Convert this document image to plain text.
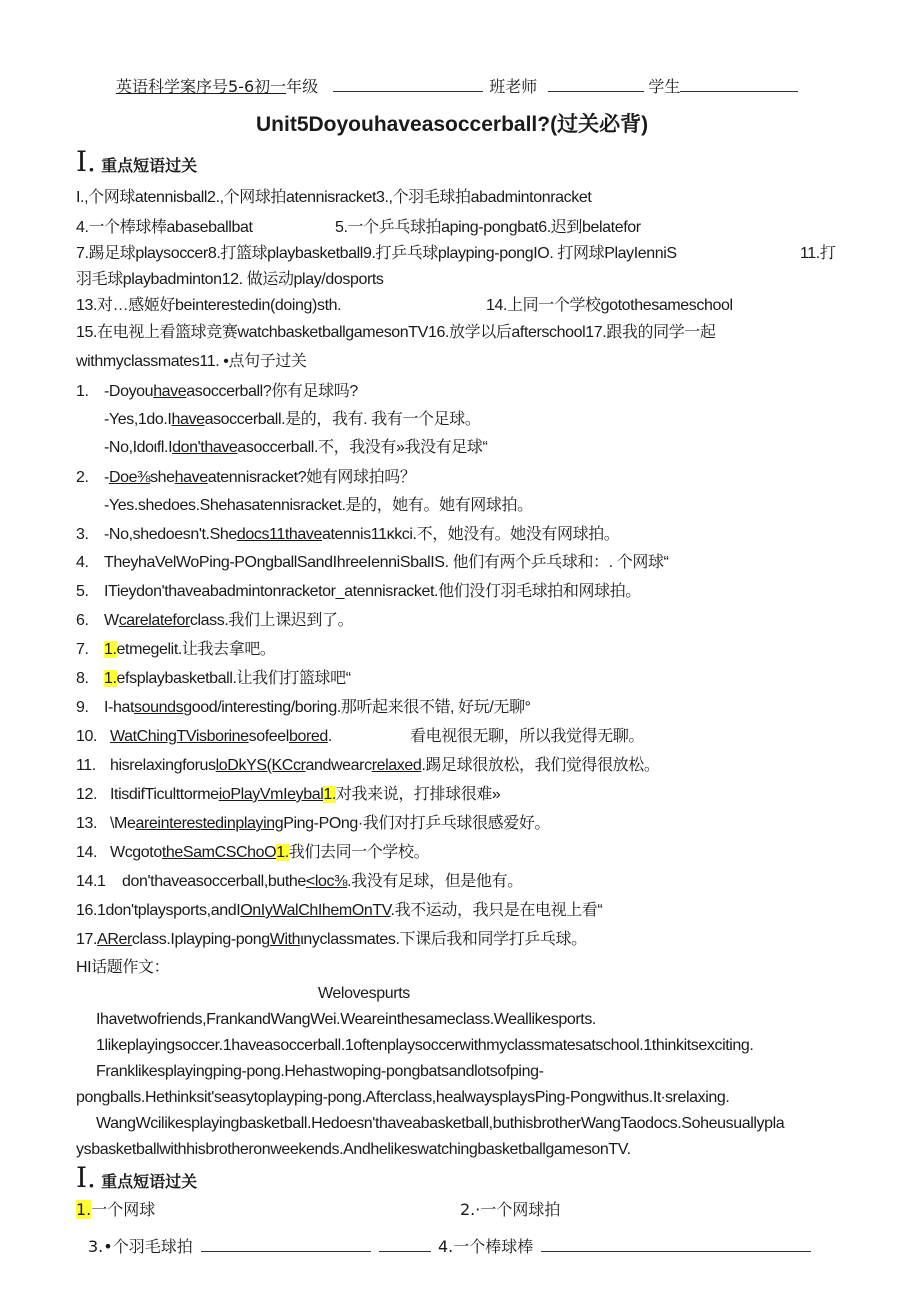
英语科学案序号5-6初一年级	班老师	学生
Unit5Doyouhaveasoccerball?(过关必背)
I. 重点短语过关
I.,个网球atennisball2.,个网球拍atennisracket3.,个羽毛球拍abadmintonracket
4.一个棒球棒abaseballbat	5.一个乒乓球拍aping-pongbat6.迟到belatefor
7.踢足球playsoccer8.打篮球playbasketball9.打乒乓球playping-pongIO. 打网球PlayIenniS	11.打
羽毛球playbadminton12. 做运动play/dosports
13.对…感姬好beinterestedin(doing)sth.	14.上同一个学校gotothesameschool
15.在电视上看篮球竞赛watchbasketballgamesonTV16.放学以后afterschool17.跟我的同学一起
withmyclassmates11. •点句子过关
1. -Doyouhaveasoccerball?你有足球吗?
-Yes,1do.Ihaveasoccerball.是的，我有. 我有一个足球。
-No,Idoιfl.Idon'thaveasoccerball.不，我没有»我没有足球“
2. -Doe⅜shehaveatennisracket?她有网球拍吗？
-Yes.shedoes.Shehasatennisracket.是的，她有。她有网球拍。
3. -No,shedoesn't.Shedocs11thaveatennis11κkci.不，她没有。她没有网球拍。
4. TheyhaVelWoPing-POngballSandIhreeIenniSbalIS. 他们有两个乒乓球和：. 个网球“
5. ITieydon'thaveabadmintonracketor_atennisracket.他们没仃羽毛球拍和网球拍。
6. Wcarelateforclass.我们上课迟到了。
7. 1.etmegelit.让我去拿吧。
8. 1.efsplaybasketball.让我们打篮球吧“
9. I-hatsoundsgood/interesting/boring.那听起来很不错, 好玩/无聊°
10. WatChingTVisborinesofeelbored.	看电视很无聊，所以我觉得无聊。
11. hisrelaxingforusloDkYS(KCcrandwearcrelaxed.踢足球很放松，我们觉得很放松。
12. ItisdifTiculttormeioPlayVmIeybal1.对我来说，打排球很难»
13. \MeareinterestedinplayingPing-POng·我们对打乒乓球很感爱好。
14. WcgototheSamCSChoO1.我们去同一个学校。
14.1 don'thaveasoccerball,buthe<loc⅜.我没有足球，但是他有。
16.1don'tplaysports,andIOnIyWalChIhemOnTV.我不运动，我只是在电视上看“
17.ARerclass.Iplayping-pongWithιnyclassmates.下课后我和同学打乒乓球。
HI话题作文：
Welovespurts
Ihavetwofriends,FrankandWangWei.Weareinthesameclass.Weallikesports.
1likeplayingsoccer.1haveasoccerball.1oftenplaysoccerwithmyclassmatesatschool.1thinkitsexciting.
Franklikesplayingping-pong.Hehastwoping-pongbatsandlotsofping-
pongballs.Hethinksit'seasytoplayping-pong.Afterclass,healwaysplaysPing-Pongwithus.It∙srelaxing.
WangWcilikesplayingbasketball.Hedoesn'thaveabasketball,buthisbrotherWangTaodocs.Soheusuallypla
ysbasketballwithhisbrotheronweekends.AndhelikeswatchingbasketballgamesonTV.
I. 重点短语过关
1.一个网球	2.·一个网球拍
3.•个羽毛球拍	4.一个棒球棒
